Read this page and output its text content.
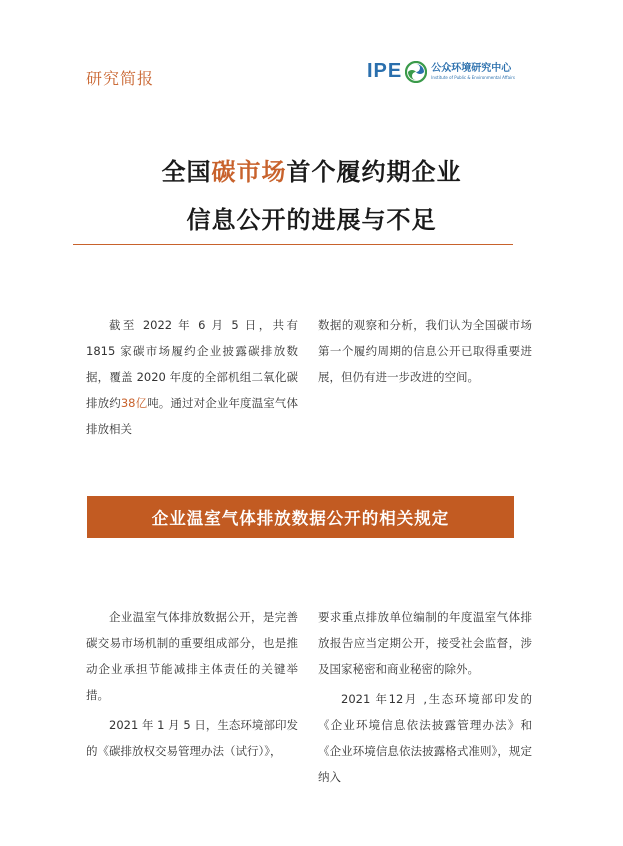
研究简报	IPE	公众环境研究中心
Institute of Public & Environmental Affairs
全国碳市场首个履约期企业
信息公开的进展与不足

截至 2022 年 6 月 5 日，共有 1815 家碳市场履约企业披露碳排放数据，覆盖 2020 年度的全部机组二氧化碳排放约38亿吨。通过对企业年度温室气体排放相关

数据的观察和分析，我们认为全国碳市场第一个履约周期的信息公开已取得重要进展，但仍有进一步改进的空间。

企业温室气体排放数据公开的相关规定

企业温室气体排放数据公开，是完善碳交易市场机制的重要组成部分，也是推动企业承担节能减排主体责任的关键举措。

2021 年 1 月 5 日，生态环境部印发的《碳排放权交易管理办法（试行）》，

要求重点排放单位编制的年度温室气体排放报告应当定期公开，接受社会监督，涉及国家秘密和商业秘密的除外。

2021 年12月 ,生态环境部印发的《企业环境信息依法披露管理办法》和《企业环境信息依法披露格式准则》，规定纳入
